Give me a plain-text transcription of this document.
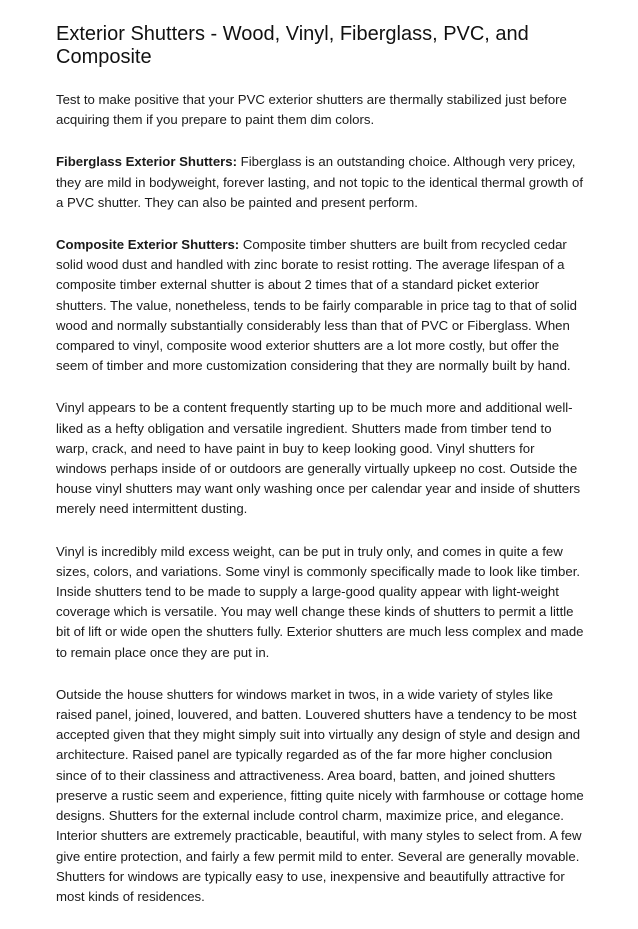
Exterior Shutters - Wood, Vinyl, Fiberglass, PVC, and Composite

Test to make positive that your PVC exterior shutters are thermally stabilized just before acquiring them if you prepare to paint them dim colors.

Fiberglass Exterior Shutters: Fiberglass is an outstanding choice. Although very pricey, they are mild in bodyweight, forever lasting, and not topic to the identical thermal growth of a PVC shutter. They can also be painted and present perform.

Composite Exterior Shutters: Composite timber shutters are built from recycled cedar solid wood dust and handled with zinc borate to resist rotting. The average lifespan of a composite timber external shutter is about 2 times that of a standard picket exterior shutters. The value, nonetheless, tends to be fairly comparable in price tag to that of solid wood and normally substantially considerably less than that of PVC or Fiberglass. When compared to vinyl, composite wood exterior shutters are a lot more costly, but offer the seem of timber and more customization considering that they are normally built by hand.

Vinyl appears to be a content frequently starting up to be much more and additional well-liked as a hefty obligation and versatile ingredient. Shutters made from timber tend to warp, crack, and need to have paint in buy to keep looking good. Vinyl shutters for windows perhaps inside of or outdoors are generally virtually upkeep no cost. Outside the house vinyl shutters may want only washing once per calendar year and inside of shutters merely need intermittent dusting.

Vinyl is incredibly mild excess weight, can be put in truly only, and comes in quite a few sizes, colors, and variations. Some vinyl is commonly specifically made to look like timber. Inside shutters tend to be made to supply a large-good quality appear with light-weight coverage which is versatile. You may well change these kinds of shutters to permit a little bit of lift or wide open the shutters fully. Exterior shutters are much less complex and made to remain place once they are put in.

Outside the house shutters for windows market in twos, in a wide variety of styles like raised panel, joined, louvered, and batten. Louvered shutters have a tendency to be most accepted given that they might simply suit into virtually any design of style and design and architecture. Raised panel are typically regarded as of the far more higher conclusion since of to their classiness and attractiveness. Area board, batten, and joined shutters preserve a rustic seem and experience, fitting quite nicely with farmhouse or cottage home designs. Shutters for the external include control charm, maximize price, and elegance. Interior shutters are extremely practicable, beautiful, with many styles to select from. A few give entire protection, and fairly a few permit mild to enter. Several are generally movable. Shutters for windows are typically easy to use, inexpensive and beautifully attractive for most kinds of residences.
